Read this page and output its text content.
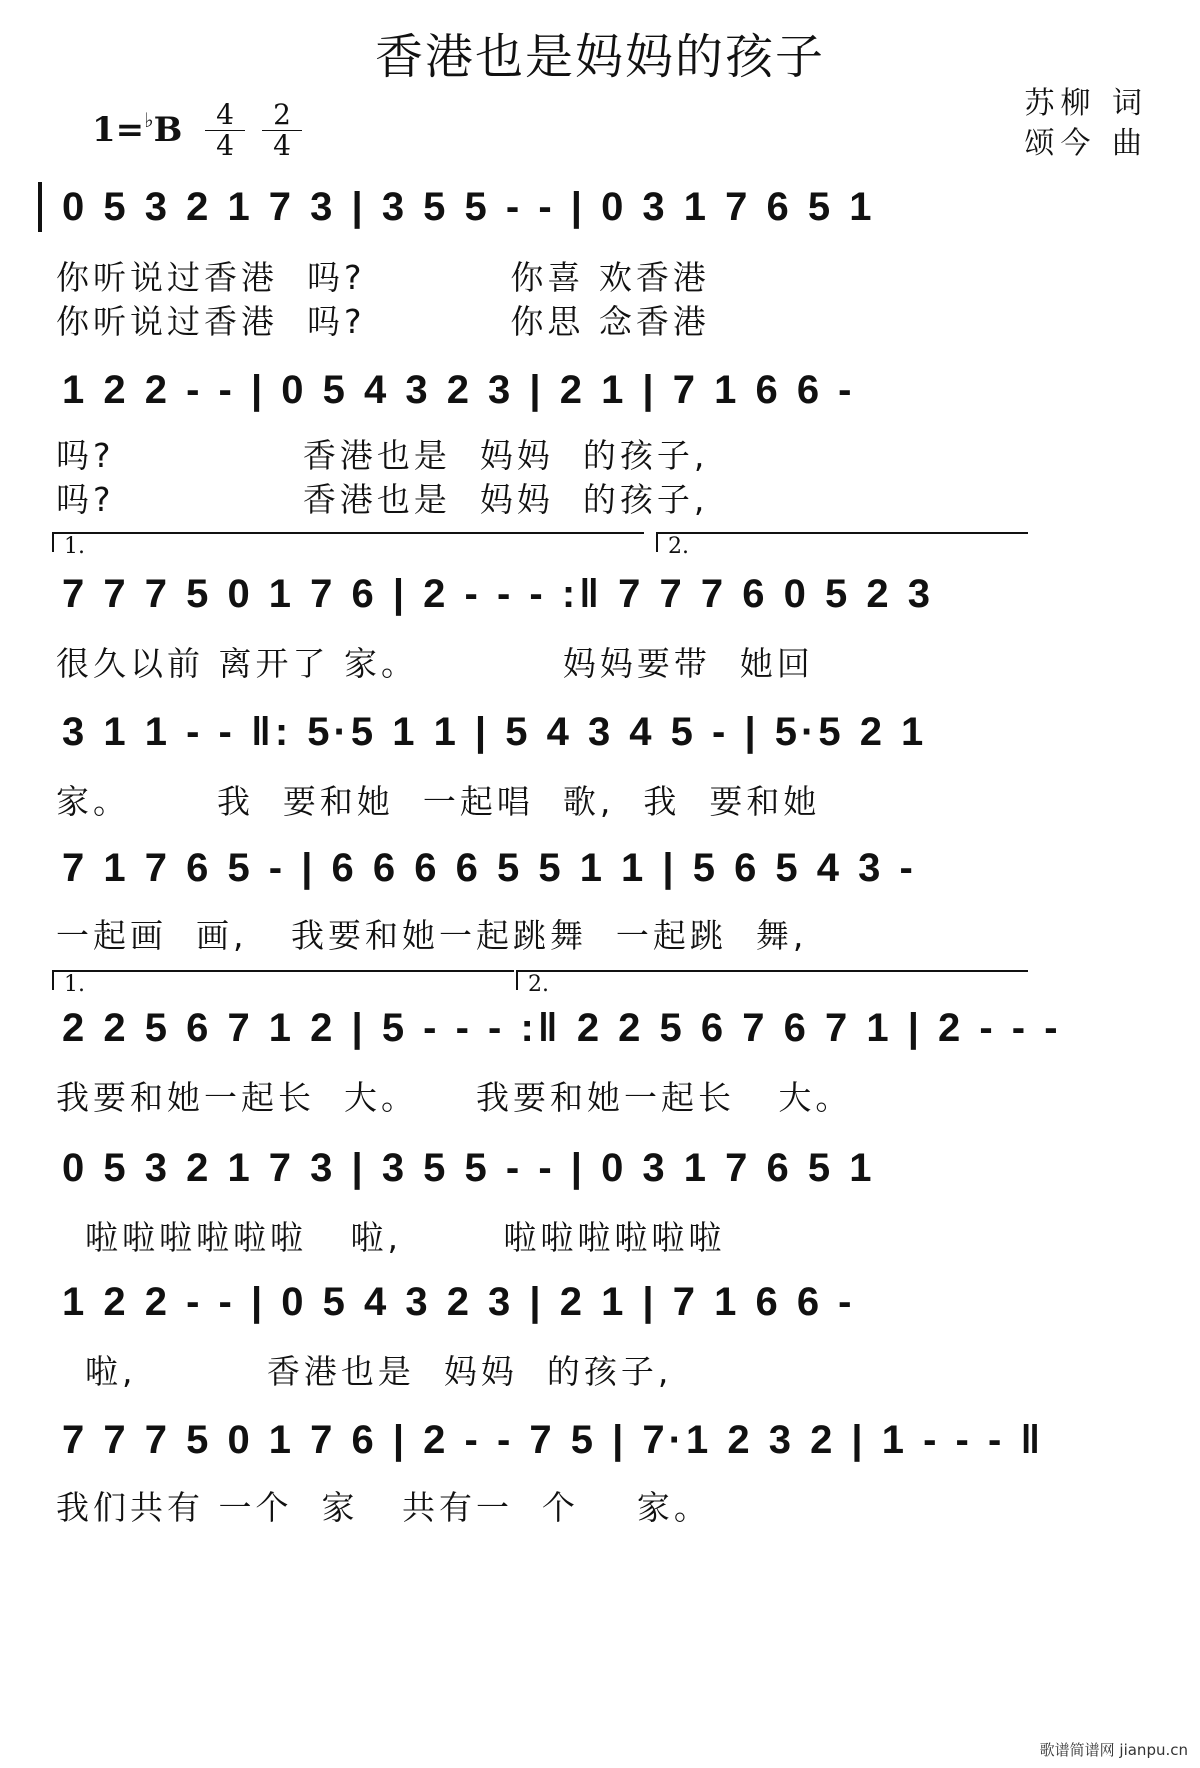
香港也是妈妈的孩子
1=♭B	4
4
2
4
苏柳 词
颂今 曲
0 5 3 2 1 7 3 | 3 5 5 - - | 0 3 1 7 6 5 1
你听说过香港  吗?          你喜 欢香港
你听说过香港  吗?          你思 念香港
1 2 2 - - | 0 5 4 3 2 3 | 2 1 | 7 1 6 6 -
吗?             香港也是  妈妈  的孩子,
吗?             香港也是  妈妈  的孩子,
1.	2.
7 7 7 5 0 1 7 6 | 2 - - - :‖ 7 7 7 6 0 5 2 3
很久以前 离开了 家。          妈妈要带  她回
3 1 1 - - ‖: 5·5 1 1 | 5 4 3 4 5 - | 5·5 2 1
家。      我  要和她  一起唱  歌,  我  要和她
7 1 7 6 5 - | 6 6 6 6 5 5 1 1 | 5 6 5 4 3 -
一起画  画,   我要和她一起跳舞  一起跳  舞,
1.	2.
2 2 5 6 7 1 2 | 5 - - - :‖ 2 2 5 6 7 6 7 1 | 2 - - -
我要和她一起长  大。    我要和她一起长   大。
0 5 3 2 1 7 3 | 3 5 5 - - | 0 3 1 7 6 5 1
啦啦啦啦啦啦   啦,       啦啦啦啦啦啦
1 2 2 - - | 0 5 4 3 2 3 | 2 1 | 7 1 6 6 -
啦,         香港也是  妈妈  的孩子,
7 7 7 5 0 1 7 6 | 2 - - 7 5 | 7·1 2 3 2 | 1 - - - ‖
我们共有 一个  家   共有一  个    家。
歌谱简谱网 jianpu.cn
